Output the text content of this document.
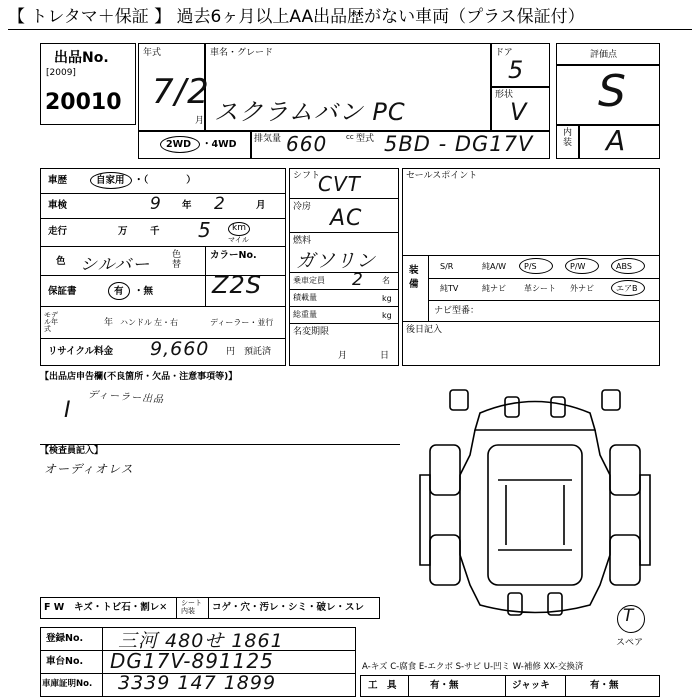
【 トレタマ＋保証 】 過去6ヶ月以上AA出品歴がない車両（プラス保証付）
出品No.
[2009]
20010
年式
7/2
月
車名・グレード
スクラムバン PC
ドア
5
形状
V
2WD ・4WD 排気量 660	cc 型式 5BD - DG17V
評価点
S
内装 A
車歴	自家用 ・（　　　　）
車検	9 年 2	月
走行	万 千 5 km
マイル
色 シルバー 色替
カラーNo.
Z2S
保証書	有 ・無
モデル年式
年 ハンドル 左・右	ディーラー・並行
リサイクル料金 9,660 円 預託済
シフト
CVT
冷房 AC
燃料
ガソリン
乗車定員 2 名
積載量	kg
総重量	kg
名変期限
月	日
セールスポイント
装備
S/R	純A/W P/S	P/W	ABS
純TV	純ナビ 革シート 外ナビ	エアB
ナビ型番：
後日記入
【出品店申告欄(不良箇所・欠品・注意事項等)】
I
ディーラー出品
【検査員記入】
オーディオレス
T
スペア
F W キズ・トビ石・割レ✕ シート内装	コゲ・穴・汚レ・シミ・破レ・スレ
登録No. 三河 480せ 1861
車台No. DG17V-891125
車庫証明No. 3339 147 1899
A-キズ C-腐食 E-エクボ S-サビ U-凹ミ W-補修 XX-交換済
工　具	有・無	ジャッキ	有・無
